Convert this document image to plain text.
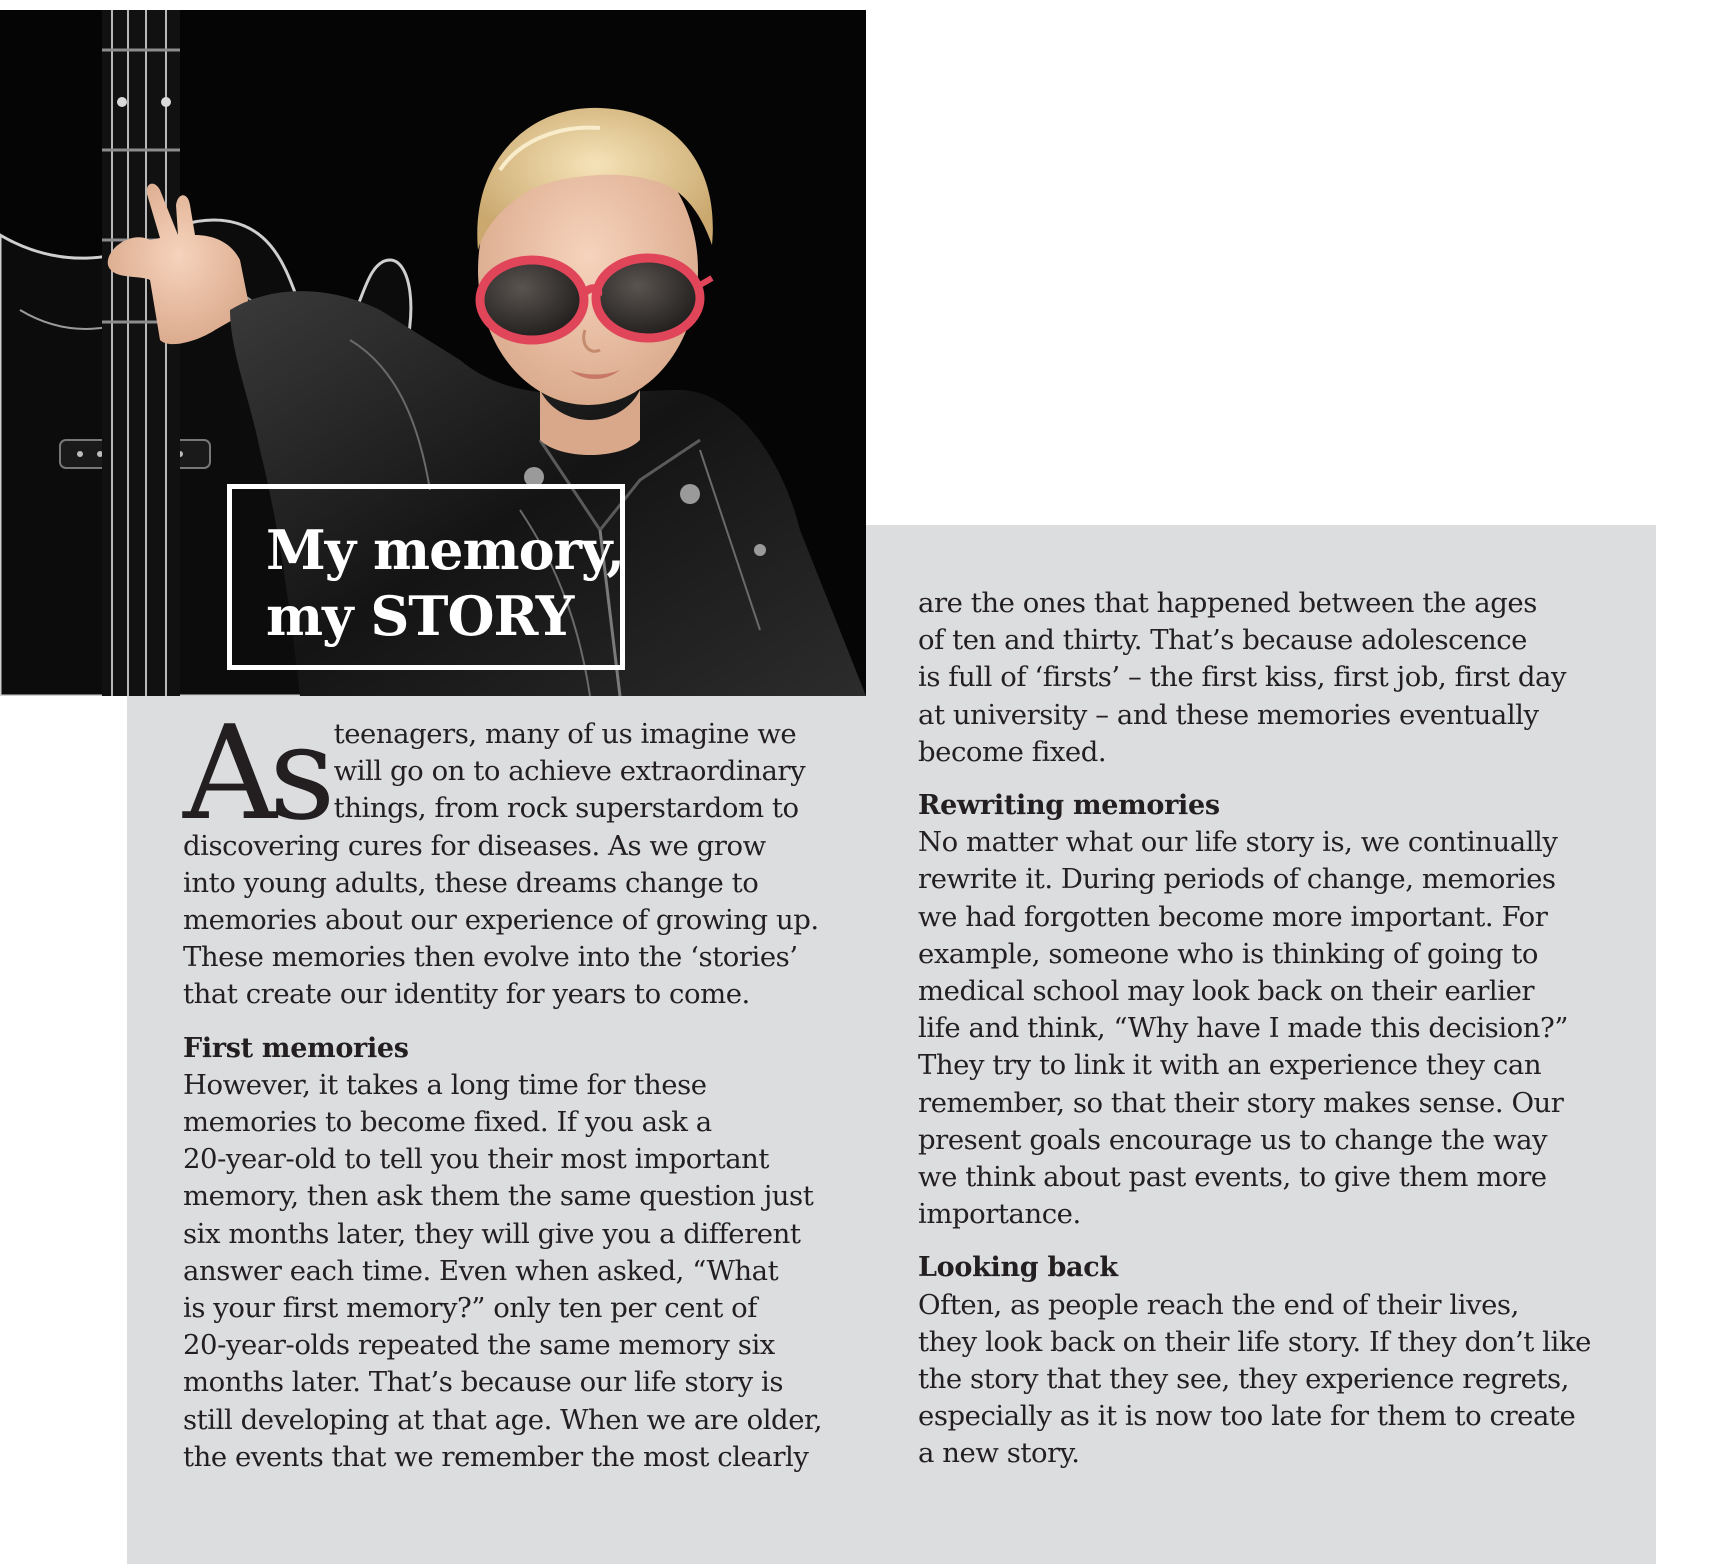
My memory,
my STORY
As teenagers, many of us imagine we
will go on to achieve extraordinary
things, from rock superstardom to
discovering cures for diseases. As we grow
into young adults, these dreams change to
memories about our experience of growing up.
These memories then evolve into the ‘stories’
that create our identity for years to come.

First memories

However, it takes a long time for these
memories to become fixed. If you ask a
20-year-old to tell you their most important
memory, then ask them the same question just
six months later, they will give you a different
answer each time. Even when asked, “What
is your first memory?” only ten per cent of
20-year-olds repeated the same memory six
months later. That’s because our life story is
still developing at that age. When we are older,
the events that we remember the most clearly

are the ones that happened between the ages
of ten and thirty. That’s because adolescence
is full of ‘firsts’ – the first kiss, first job, first day
at university – and these memories eventually
become fixed.

Rewriting memories

No matter what our life story is, we continually
rewrite it. During periods of change, memories
we had forgotten become more important. For
example, someone who is thinking of going to
medical school may look back on their earlier
life and think, “Why have I made this decision?”
They try to link it with an experience they can
remember, so that their story makes sense. Our
present goals encourage us to change the way
we think about past events, to give them more
importance.

Looking back

Often, as people reach the end of their lives,
they look back on their life story. If they don’t like
the story that they see, they experience regrets,
especially as it is now too late for them to create
a new story.
